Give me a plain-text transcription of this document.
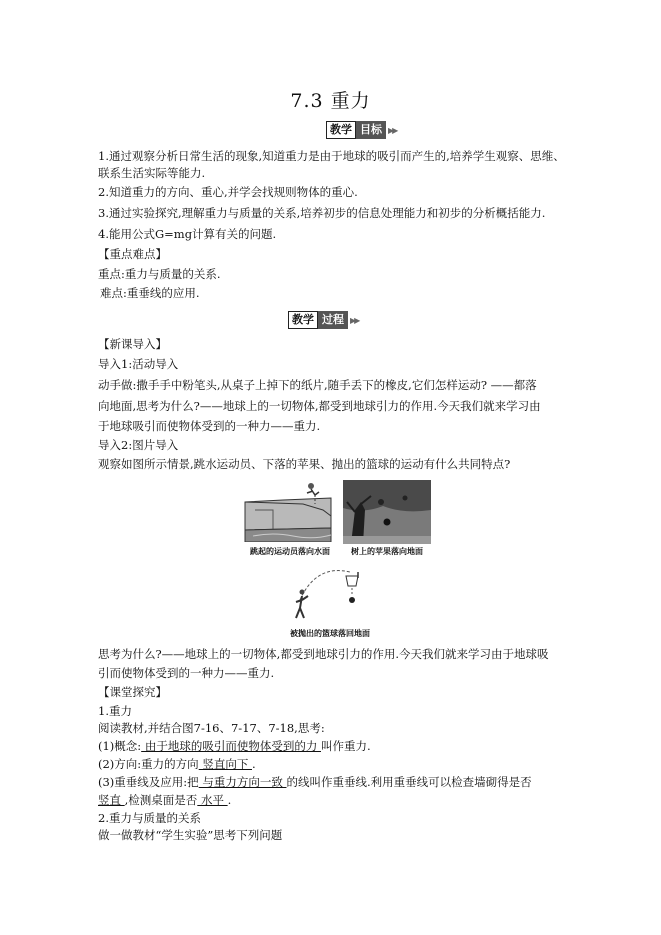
7.3 重力
教学 目标 ▶▶
1.通过观察分析日常生活的现象,知道重力是由于地球的吸引而产生的,培养学生观察、思维、
联系生活实际等能力.
2.知道重力的方向、重心,并学会找规则物体的重心.
3.通过实验探究,理解重力与质量的关系,培养初步的信息处理能力和初步的分析概括能力.
4.能用公式G=mg计算有关的问题.
【重点难点】
重点:重力与质量的关系.
难点:重垂线的应用.
教学 过程 ▶▶
【新课导入】
导入1:活动导入
动手做:撒手手中粉笔头,从桌子上掉下的纸片,随手丢下的橡皮,它们怎样运动? ——都落
向地面,思考为什么?——地球上的一切物体,都受到地球引力的作用.今天我们就来学习由
于地球吸引而使物体受到的一种力——重力.
导入2:图片导入
观察如图所示情景,跳水运动员、下落的苹果、抛出的篮球的运动有什么共同特点?
跳起的运动员落向水面	树上的苹果落向地面
被抛出的篮球落回地面
思考为什么?——地球上的一切物体,都受到地球引力的作用.今天我们就来学习由于地球吸
引而使物体受到的一种力——重力.
【课堂探究】
1.重力
阅读教材,并结合图7-16、7-17、7-18,思考:
(1)概念: 由于地球的吸引而使物体受到的力 叫作重力.
(2)方向:重力的方向 竖直向下 .
(3)重垂线及应用:把 与重力方向一致 的线叫作重垂线.利用重垂线可以检查墙砌得是否
竖直 ,检测桌面是否 水平 .
2.重力与质量的关系
做一做教材“学生实验”思考下列问题
